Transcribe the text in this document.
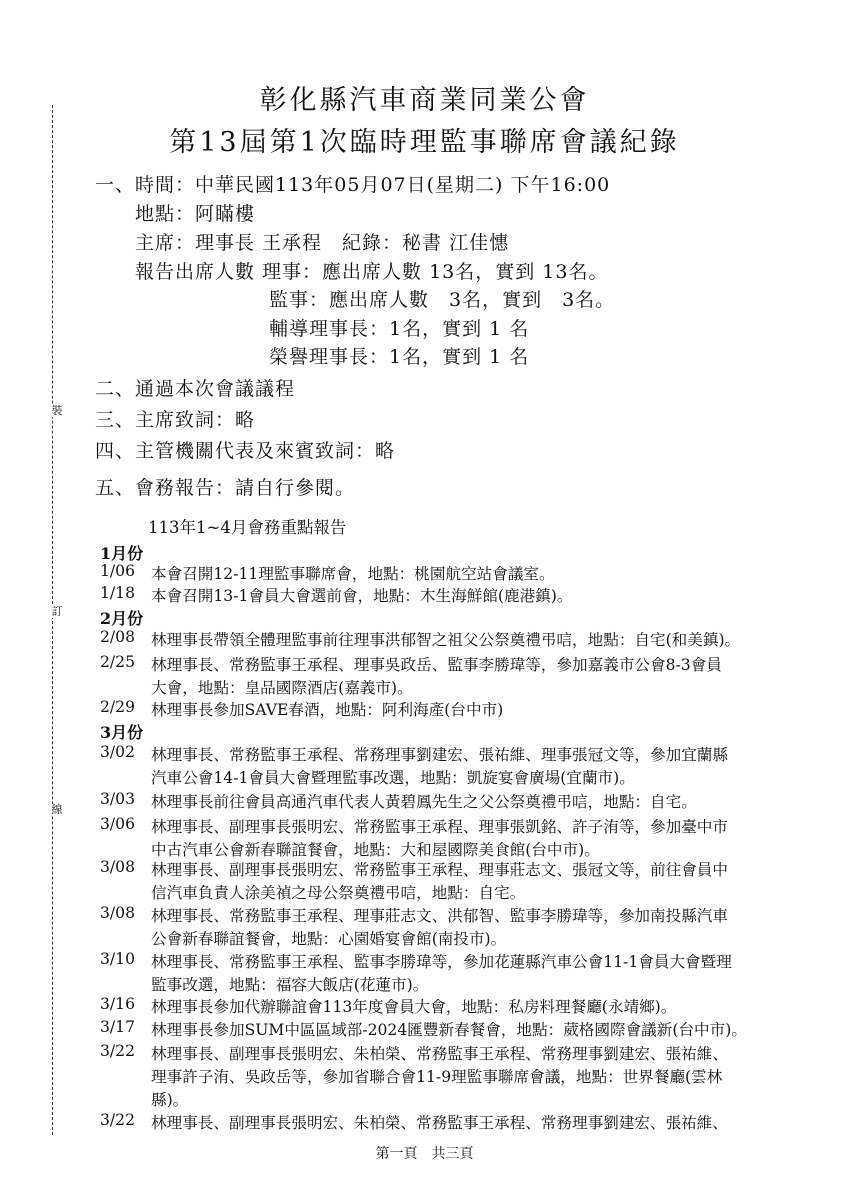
彰化縣汽車商業同業公會
第13屆第1次臨時理監事聯席會議紀錄
裝
訂
線
一、時間：中華民國113年05月07日(星期二) 下午16:00
地點：阿瞞樓
主席：理事長 王承程　紀錄：秘書 江佳憓
報告出席人數 理事：應出席人數 13名，實到 13名。
監事：應出席人數　3名，實到　3名。
輔導理事長：1名，實到 1 名
榮譽理事長：1名，實到 1 名
二、通過本次會議議程
三、主席致詞：略
四、主管機關代表及來賓致詞：略
五、會務報告：請自行參閱。
113年1~4月會務重點報告
1月份
1/06 本會召開12-11理監事聯席會，地點：桃園航空站會議室。
1/18 本會召開13-1會員大會選前會，地點：木生海鮮館(鹿港鎮)。
2月份
2/08 林理事長帶領全體理監事前往理事洪郁智之祖父公祭奠禮弔唁，地點：自宅(和美鎮)。
2/25 林理事長、常務監事王承程、理事吳政岳、監事李勝瑋等，參加嘉義市公會8-3會員
大會，地點：皇品國際酒店(嘉義市)。
2/29 林理事長參加SAVE春酒，地點：阿利海產(台中市)
3月份
3/02 林理事長、常務監事王承程、常務理事劉建宏、張祐維、理事張冠文等，參加宜蘭縣
汽車公會14-1會員大會暨理監事改選，地點：凱旋宴會廣場(宜蘭市)。
3/03 林理事長前往會員高通汽車代表人黃碧鳳先生之父公祭奠禮弔唁，地點：自宅。
3/06 林理事長、副理事長張明宏、常務監事王承程、理事張凱銘、許子洧等，參加臺中市
中古汽車公會新春聯誼餐會，地點：大和屋國際美食館(台中市)。
3/08 林理事長、副理事長張明宏、常務監事王承程、理事莊志文、張冠文等，前往會員中
信汽車負責人涂美禎之母公祭奠禮弔唁，地點：自宅。
3/08 林理事長、常務監事王承程、理事莊志文、洪郁智、監事李勝瑋等，參加南投縣汽車
公會新春聯誼餐會，地點：心園婚宴會館(南投市)。
3/10 林理事長、常務監事王承程、監事李勝瑋等，參加花蓮縣汽車公會11-1會員大會暨理
監事改選，地點：福容大飯店(花蓮市)。
3/16 林理事長參加代辦聯誼會113年度會員大會，地點：私房料理餐廳(永靖鄉)。
3/17 林理事長參加SUM中區區域部-2024匯豐新春餐會，地點：葳格國際會議新(台中市)。
3/22 林理事長、副理事長張明宏、朱柏榮、常務監事王承程、常務理事劉建宏、張祐維、
理事許子洧、吳政岳等，參加省聯合會11-9理監事聯席會議，地點：世界餐廳(雲林
縣)。
3/22 林理事長、副理事長張明宏、朱柏榮、常務監事王承程、常務理事劉建宏、張祐維、
第一頁　共三頁
